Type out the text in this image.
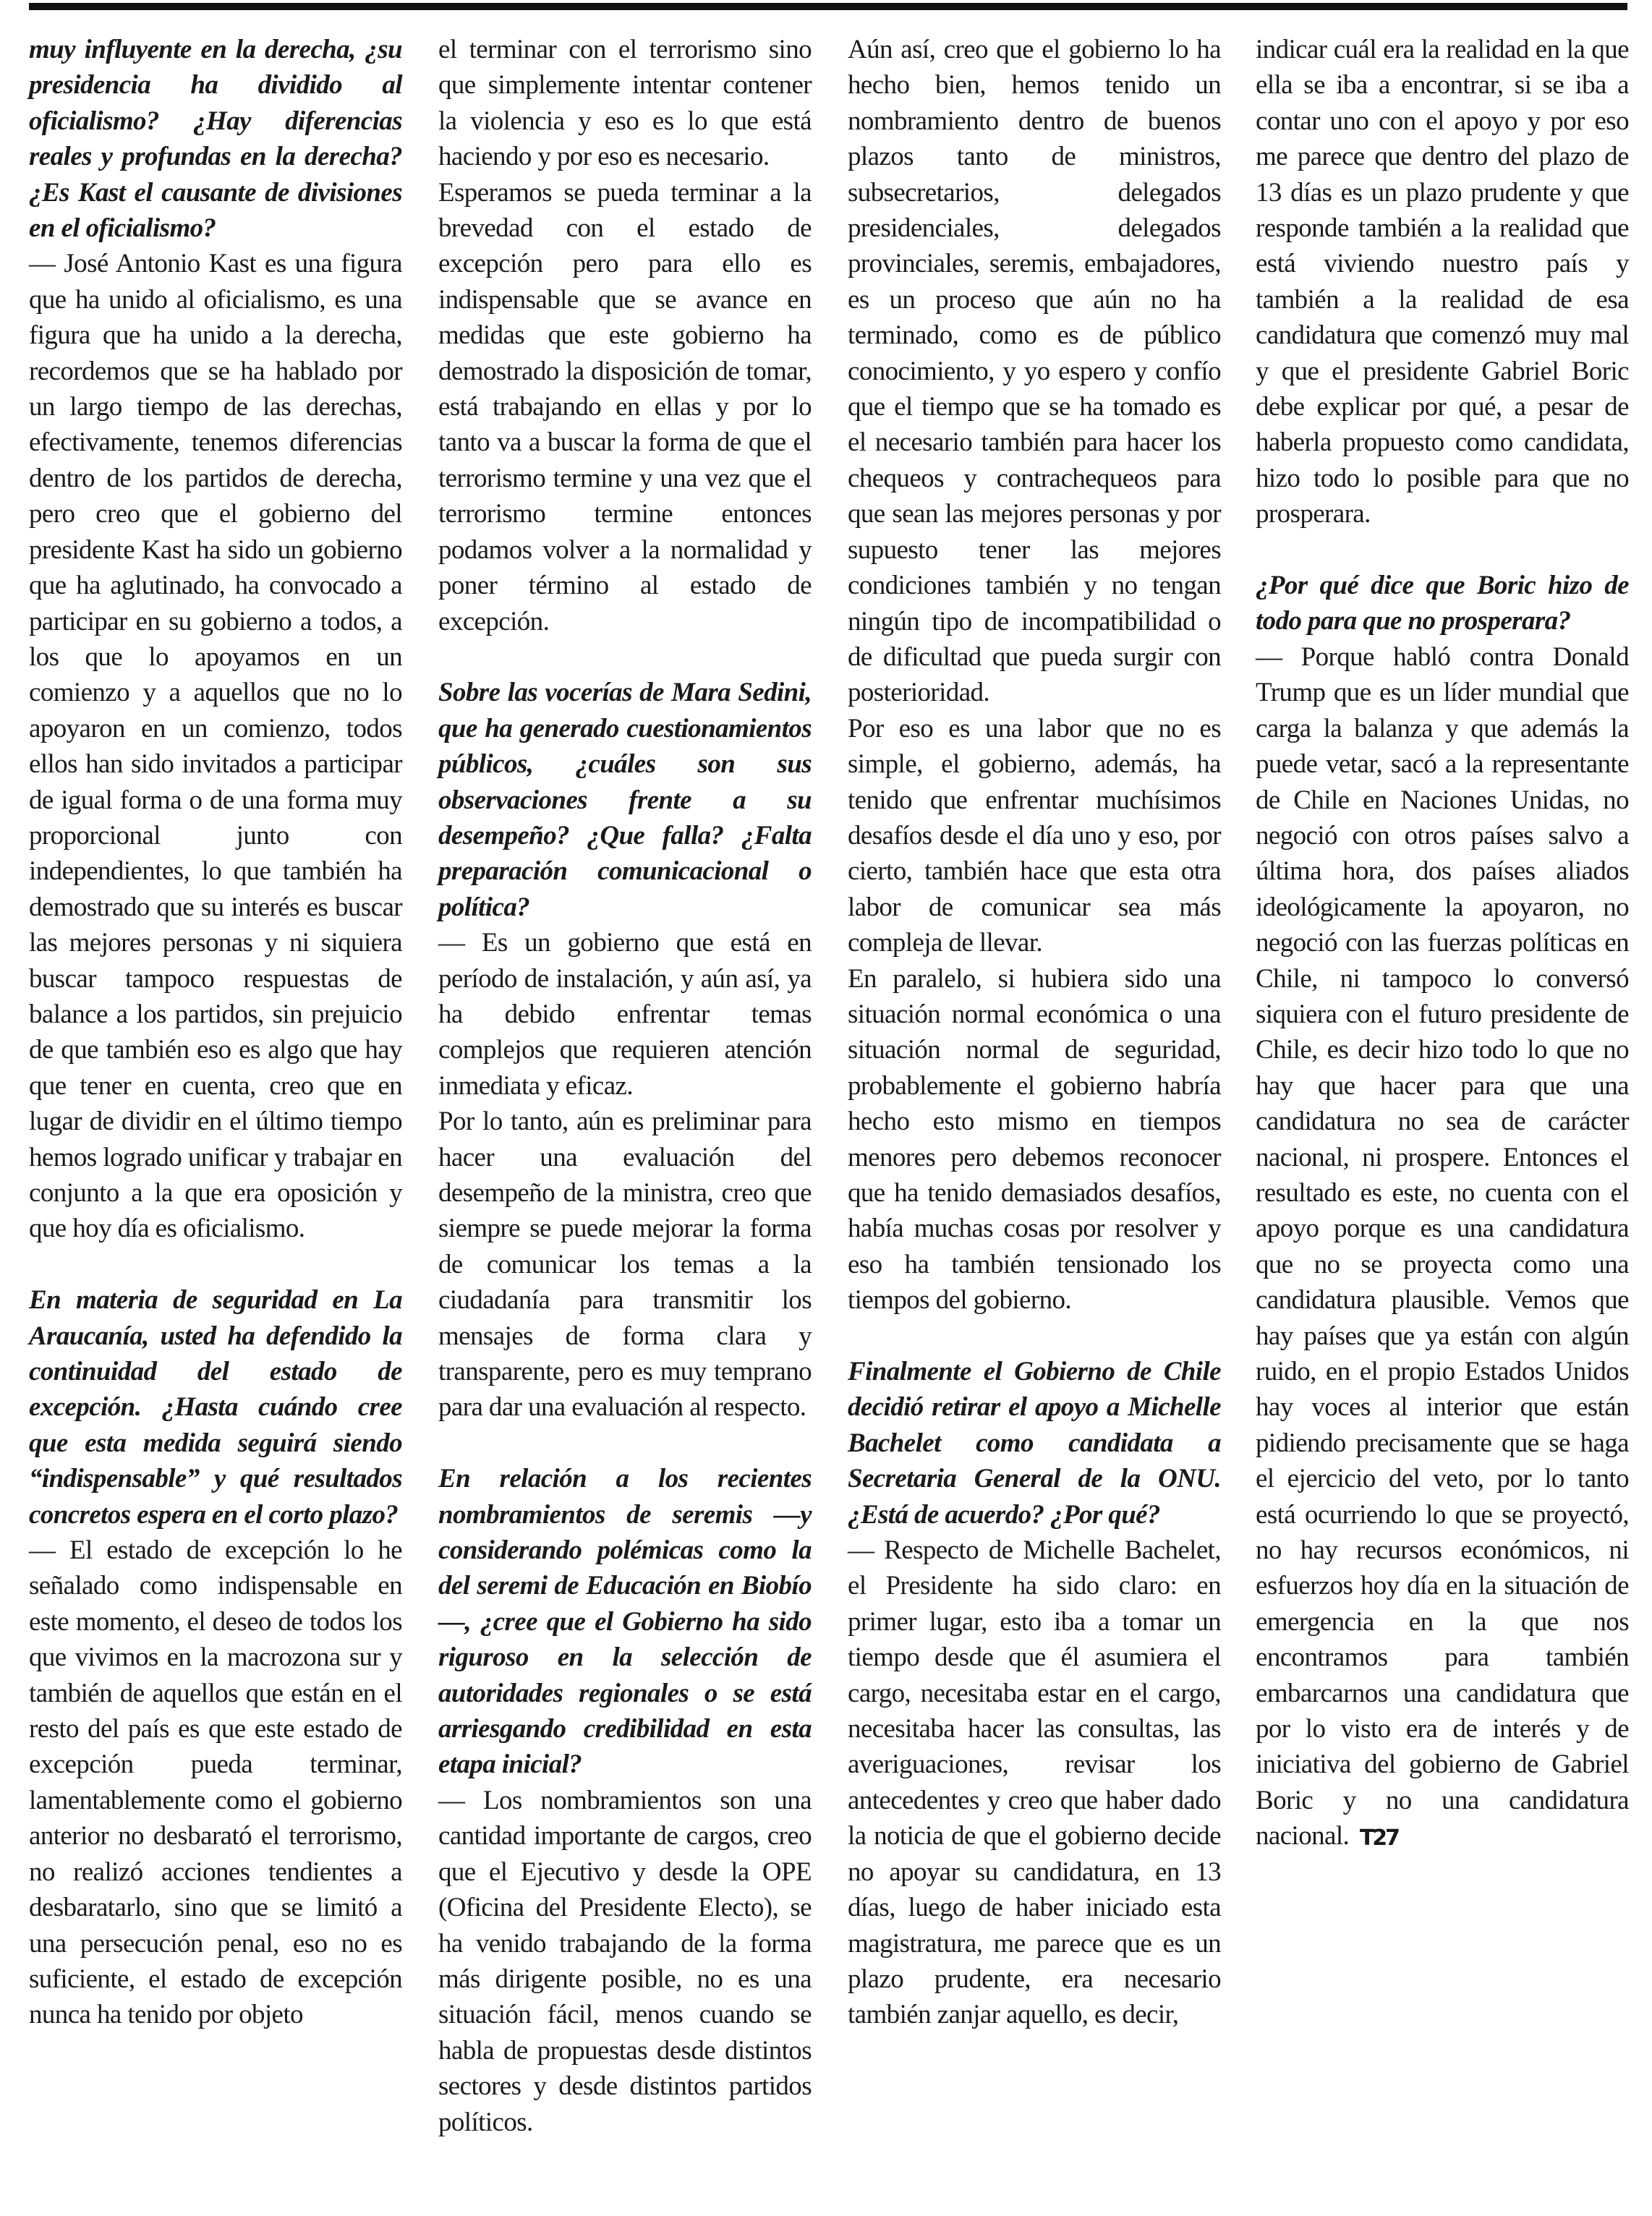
muy influyente en la derecha, ¿su presidencia ha dividido al oficialismo? ¿Hay diferencias reales y profundas en la derecha? ¿Es Kast el causante de divisiones en el oficialismo?

— José Antonio Kast es una figura que ha unido al oficialismo, es una figura que ha unido a la derecha, recordemos que se ha hablado por un largo tiempo de las derechas, efectivamente, tenemos diferencias dentro de los partidos de derecha, pero creo que el gobierno del presidente Kast ha sido un gobierno que ha aglutinado, ha convocado a participar en su gobierno a todos, a los que lo apoyamos en un comienzo y a aquellos que no lo apoyaron en un comienzo, todos ellos han sido invitados a participar de igual forma o de una forma muy proporcional junto con independientes, lo que también ha demostrado que su interés es buscar las mejores personas y ni siquiera buscar tampoco respuestas de balance a los partidos, sin prejuicio de que también eso es algo que hay que tener en cuenta, creo que en lugar de dividir en el último tiempo hemos logrado unificar y trabajar en conjunto a la que era oposición y que hoy día es oficialismo.

En materia de seguridad en La Araucanía, usted ha defendido la continuidad del estado de excepción. ¿Hasta cuándo cree que esta medida seguirá siendo “indispensable” y qué resultados concretos espera en el corto plazo?

— El estado de excepción lo he señalado como indispensable en este momento, el deseo de todos los que vivimos en la macrozona sur y también de aquellos que están en el resto del país es que este estado de excepción pueda terminar, lamentablemente como el gobierno anterior no desbarató el terrorismo, no realizó acciones tendientes a desbaratarlo, sino que se limitó a una persecución penal, eso no es suficiente, el estado de excepción nunca ha tenido por objeto

el terminar con el terrorismo sino que simplemente intentar contener la violencia y eso es lo que está haciendo y por eso es necesario.

Esperamos se pueda terminar a la brevedad con el estado de excepción pero para ello es indispensable que se avance en medidas que este gobierno ha demostrado la disposición de tomar, está trabajando en ellas y por lo tanto va a buscar la forma de que el terrorismo termine y una vez que el terrorismo termine entonces podamos volver a la normalidad y poner término al estado de excepción.

Sobre las vocerías de Mara Sedini, que ha generado cuestionamientos públicos, ¿cuáles son sus observaciones frente a su desempeño? ¿Que falla? ¿Falta preparación comunicacional o política?

— Es un gobierno que está en período de instalación, y aún así, ya ha debido enfrentar temas complejos que requieren atención inmediata y eficaz.

Por lo tanto, aún es preliminar para hacer una evaluación del desempeño de la ministra, creo que siempre se puede mejorar la forma de comunicar los temas a la ciudadanía para transmitir los mensajes de forma clara y transparente, pero es muy temprano para dar una evaluación al respecto.

En relación a los recientes nombramientos de seremis —y considerando polémicas como la del seremi de Educación en Biobío—, ¿cree que el Gobierno ha sido riguroso en la selección de autoridades regionales o se está arriesgando credibilidad en esta etapa inicial?

— Los nombramientos son una cantidad importante de cargos, creo que el Ejecutivo y desde la OPE (Oficina del Presidente Electo), se ha venido trabajando de la forma más dirigente posible, no es una situación fácil, menos cuando se habla de propuestas desde distintos sectores y desde distintos partidos políticos.

Aún así, creo que el gobierno lo ha hecho bien, hemos tenido un nombramiento dentro de buenos plazos tanto de ministros, subsecretarios, delegados presidenciales, delegados provinciales, seremis, embajadores, es un proceso que aún no ha terminado, como es de público conocimiento, y yo espero y confío que el tiempo que se ha tomado es el necesario también para hacer los chequeos y contrachequeos para que sean las mejores personas y por supuesto tener las mejores condiciones también y no tengan ningún tipo de incompatibilidad o de dificultad que pueda surgir con posterioridad.

Por eso es una labor que no es simple, el gobierno, además, ha tenido que enfrentar muchísimos desafíos desde el día uno y eso, por cierto, también hace que esta otra labor de comunicar sea más compleja de llevar.

En paralelo, si hubiera sido una situación normal económica o una situación normal de seguridad, probablemente el gobierno habría hecho esto mismo en tiempos menores pero debemos reconocer que ha tenido demasiados desafíos, había muchas cosas por resolver y eso ha también tensionado los tiempos del gobierno.

Finalmente el Gobierno de Chile decidió retirar el apoyo a Michelle Bachelet como candidata a Secretaria General de la ONU. ¿Está de acuerdo? ¿Por qué?

— Respecto de Michelle Bachelet, el Presidente ha sido claro: en primer lugar, esto iba a tomar un tiempo desde que él asumiera el cargo, necesitaba estar en el cargo, necesitaba hacer las consultas, las averiguaciones, revisar los antecedentes y creo que haber dado la noticia de que el gobierno decide no apoyar su candidatura, en 13 días, luego de haber iniciado esta magistratura, me parece que es un plazo prudente, era necesario también zanjar aquello, es decir,

indicar cuál era la realidad en la que ella se iba a encontrar, si se iba a contar uno con el apoyo y por eso me parece que dentro del plazo de 13 días es un plazo prudente y que responde también a la realidad que está viviendo nuestro país y también a la realidad de esa candidatura que comenzó muy mal y que el presidente Gabriel Boric debe explicar por qué, a pesar de haberla propuesto como candidata, hizo todo lo posible para que no prosperara.

¿Por qué dice que Boric hizo de todo para que no prosperara?

— Porque habló contra Donald Trump que es un líder mundial que carga la balanza y que además la puede vetar, sacó a la representante de Chile en Naciones Unidas, no negoció con otros países salvo a última hora, dos países aliados ideológicamente la apoyaron, no negoció con las fuerzas políticas en Chile, ni tampoco lo conversó siquiera con el futuro presidente de Chile, es decir hizo todo lo que no hay que hacer para que una candidatura no sea de carácter nacional, ni prospere. Entonces el resultado es este, no cuenta con el apoyo porque es una candidatura que no se proyecta como una candidatura plausible. Vemos que hay países que ya están con algún ruido, en el propio Estados Unidos hay voces al interior que están pidiendo precisamente que se haga el ejercicio del veto, por lo tanto está ocurriendo lo que se proyectó, no hay recursos económicos, ni esfuerzos hoy día en la situación de emergencia en la que nos encontramos para también embarcarnos una candidatura que por lo visto era de interés y de iniciativa del gobierno de Gabriel Boric y no una candidatura nacional. T27
